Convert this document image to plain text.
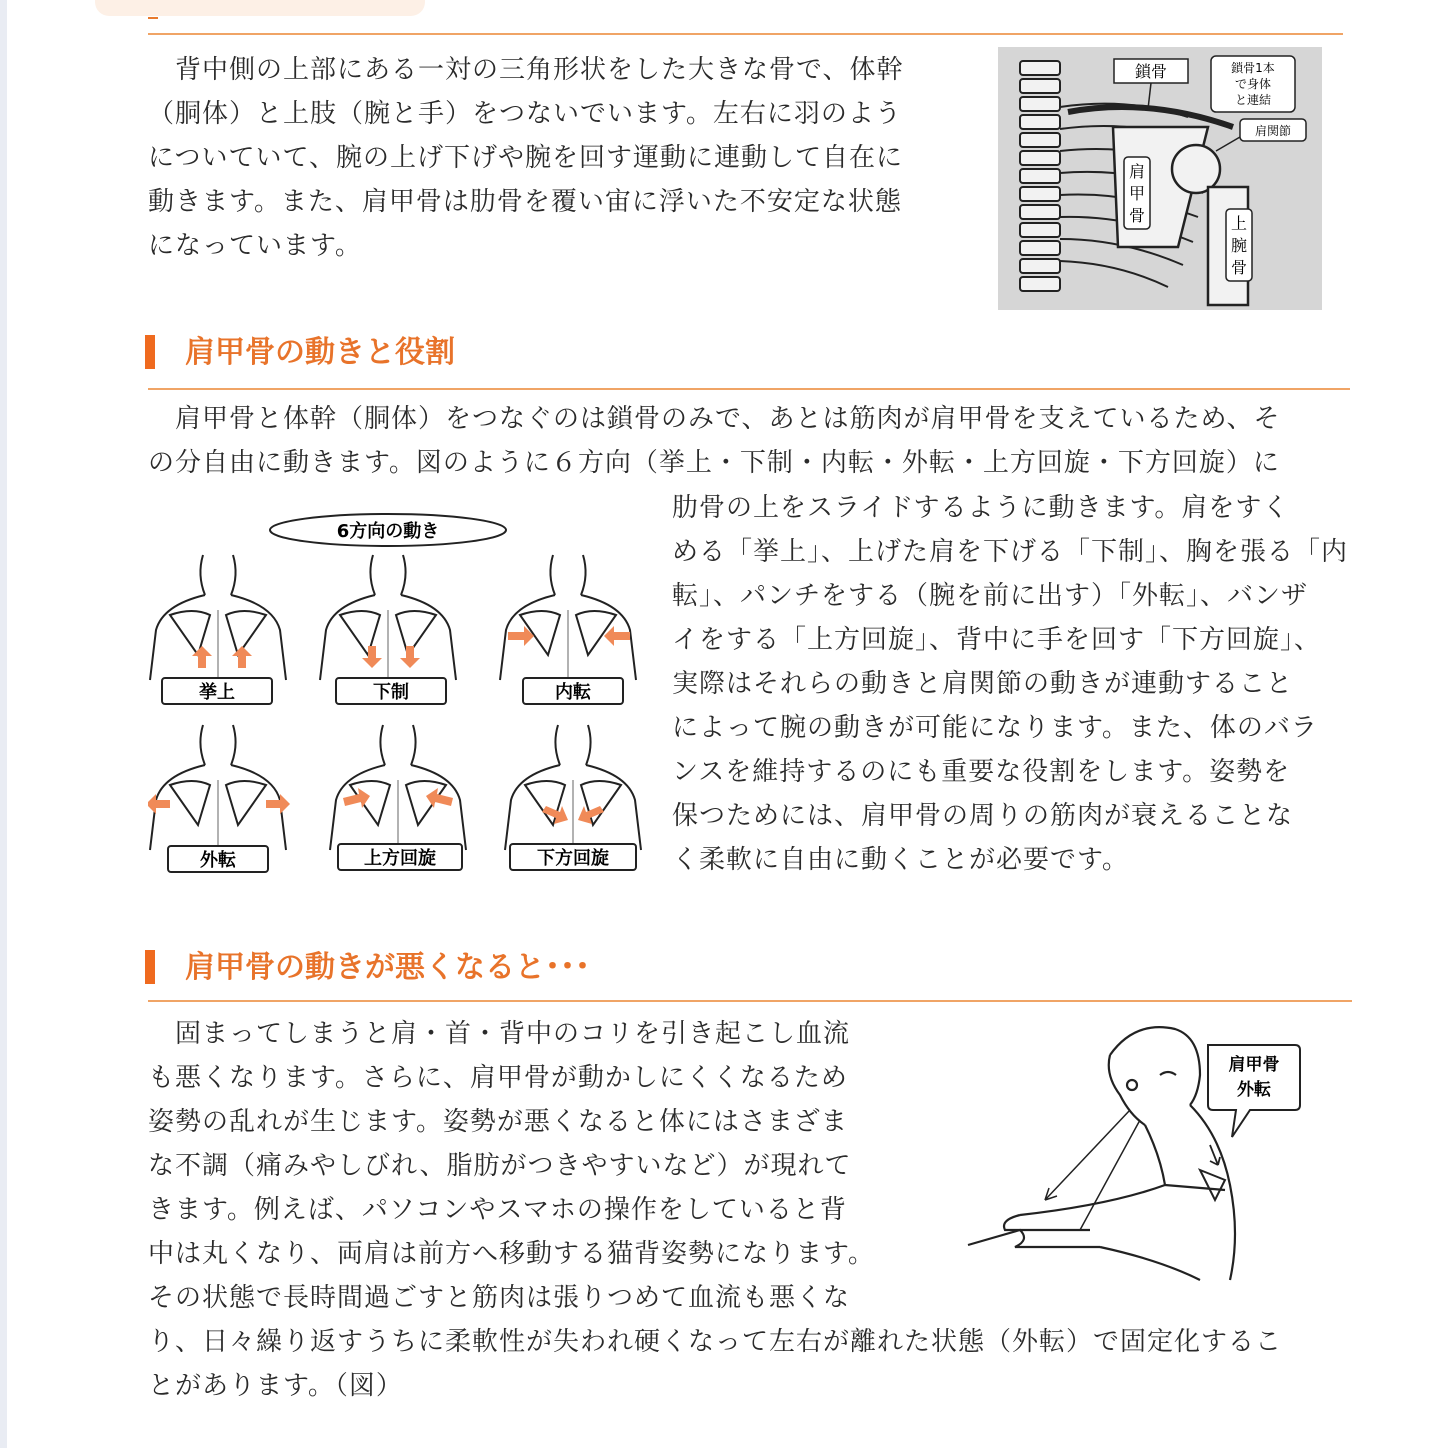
　背中側の上部にある一対の三角形状をした大きな骨で、体幹
（胴体）と上肢（腕と手）をつないでいます。左右に羽のよう
についていて、腕の上げ下げや腕を回す運動に連動して自在に
動きます。また、肩甲骨は肋骨を覆い宙に浮いた不安定な状態
になっています。
鎖骨	鎖骨1本
で身体
と連結
肩関節
肩
甲
骨	上
腕
骨
肩甲骨の動きと役割
　肩甲骨と体幹（胴体）をつなぐのは鎖骨のみで、あとは筋肉が肩甲骨を支えているため、そ
の分自由に動きます。図のように６方向（挙上・下制・内転・外転・上方回旋・下方回旋）に
肋骨の上をスライドするように動きます。肩をすく
める「挙上」、上げた肩を下げる「下制」、胸を張る「内
転」、パンチをする（腕を前に出す）「外転」、バンザ
イをする「上方回旋」、背中に手を回す「下方回旋」、
実際はそれらの動きと肩関節の動きが連動すること
によって腕の動きが可能になります。また、体のバラ
ンスを維持するのにも重要な役割をします。姿勢を
保つためには、肩甲骨の周りの筋肉が衰えることな
く柔軟に自由に動くことが必要です。
6方向の動き
挙上	下制	内転
外転	上方回旋	下方回旋
肩甲骨の動きが悪くなると･･･
　固まってしまうと肩・首・背中のコリを引き起こし血流
も悪くなります。さらに、肩甲骨が動かしにくくなるため
姿勢の乱れが生じます。姿勢が悪くなると体にはさまざま
な不調（痛みやしびれ、脂肪がつきやすいなど）が現れて
きます。例えば、パソコンやスマホの操作をしていると背
中は丸くなり、両肩は前方へ移動する猫背姿勢になります。
その状態で長時間過ごすと筋肉は張りつめて血流も悪くな
り、日々繰り返すうちに柔軟性が失われ硬くなって左右が離れた状態（外転）で固定化するこ
とがあります。（図）
肩甲骨
外転
